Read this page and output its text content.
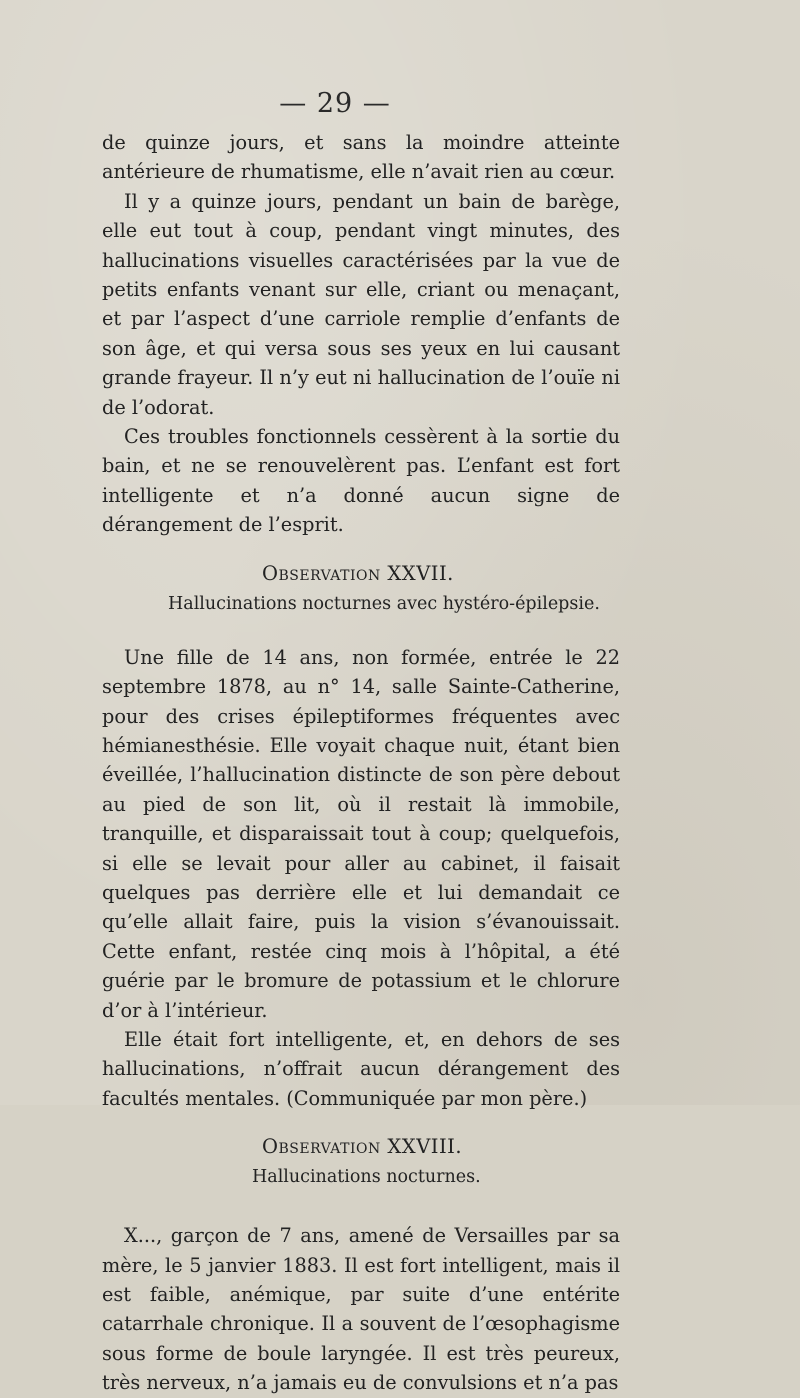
— 29 —

de quinze jours, et sans la moindre atteinte antérieure de rhumatisme, elle n’avait rien au cœur.

Il y a quinze jours, pendant un bain de barège, elle eut tout à coup, pendant vingt minutes, des hallucinations visuelles caractérisées par la vue de petits enfants venant sur elle, criant ou menaçant, et par l’aspect d’une carriole remplie d’enfants de son âge, et qui versa sous ses yeux en lui causant grande frayeur. Il n’y eut ni hallucination de l’ouïe ni de l’odorat.

Ces troubles fonctionnels cessèrent à la sortie du bain, et ne se renouvelèrent pas. L’enfant est fort intelligente et n’a donné aucun signe de dérangement de l’esprit.

Observation XXVII.
Hallucinations nocturnes avec hystéro-épilepsie.

Une fille de 14 ans, non formée, entrée le 22 septembre 1878, au n° 14, salle Sainte-Catherine, pour des crises épileptiformes fréquentes avec hémianesthésie. Elle voyait chaque nuit, étant bien éveillée, l’hallucination distincte de son père debout au pied de son lit, où il restait là immobile, tranquille, et disparaissait tout à coup; quelquefois, si elle se levait pour aller au cabinet, il faisait quelques pas derrière elle et lui demandait ce qu’elle allait faire, puis la vision s’évanouissait. Cette enfant, restée cinq mois à l’hôpital, a été guérie par le bromure de potassium et le chlorure d’or à l’intérieur.

Elle était fort intelligente, et, en dehors de ses hallucinations, n’offrait aucun dérangement des facultés mentales. (Communiquée par mon père.)

Observation XXVIII.
Hallucinations nocturnes.

X..., garçon de 7 ans, amené de Versailles par sa mère, le 5 janvier 1883. Il est fort intelligent, mais il est faible, anémique, par suite d’une entérite catarrhale chronique. Il a souvent de l’œsophagisme sous forme de boule laryngée. Il est très peureux, très nerveux, n’a jamais eu de convulsions et n’a pas
